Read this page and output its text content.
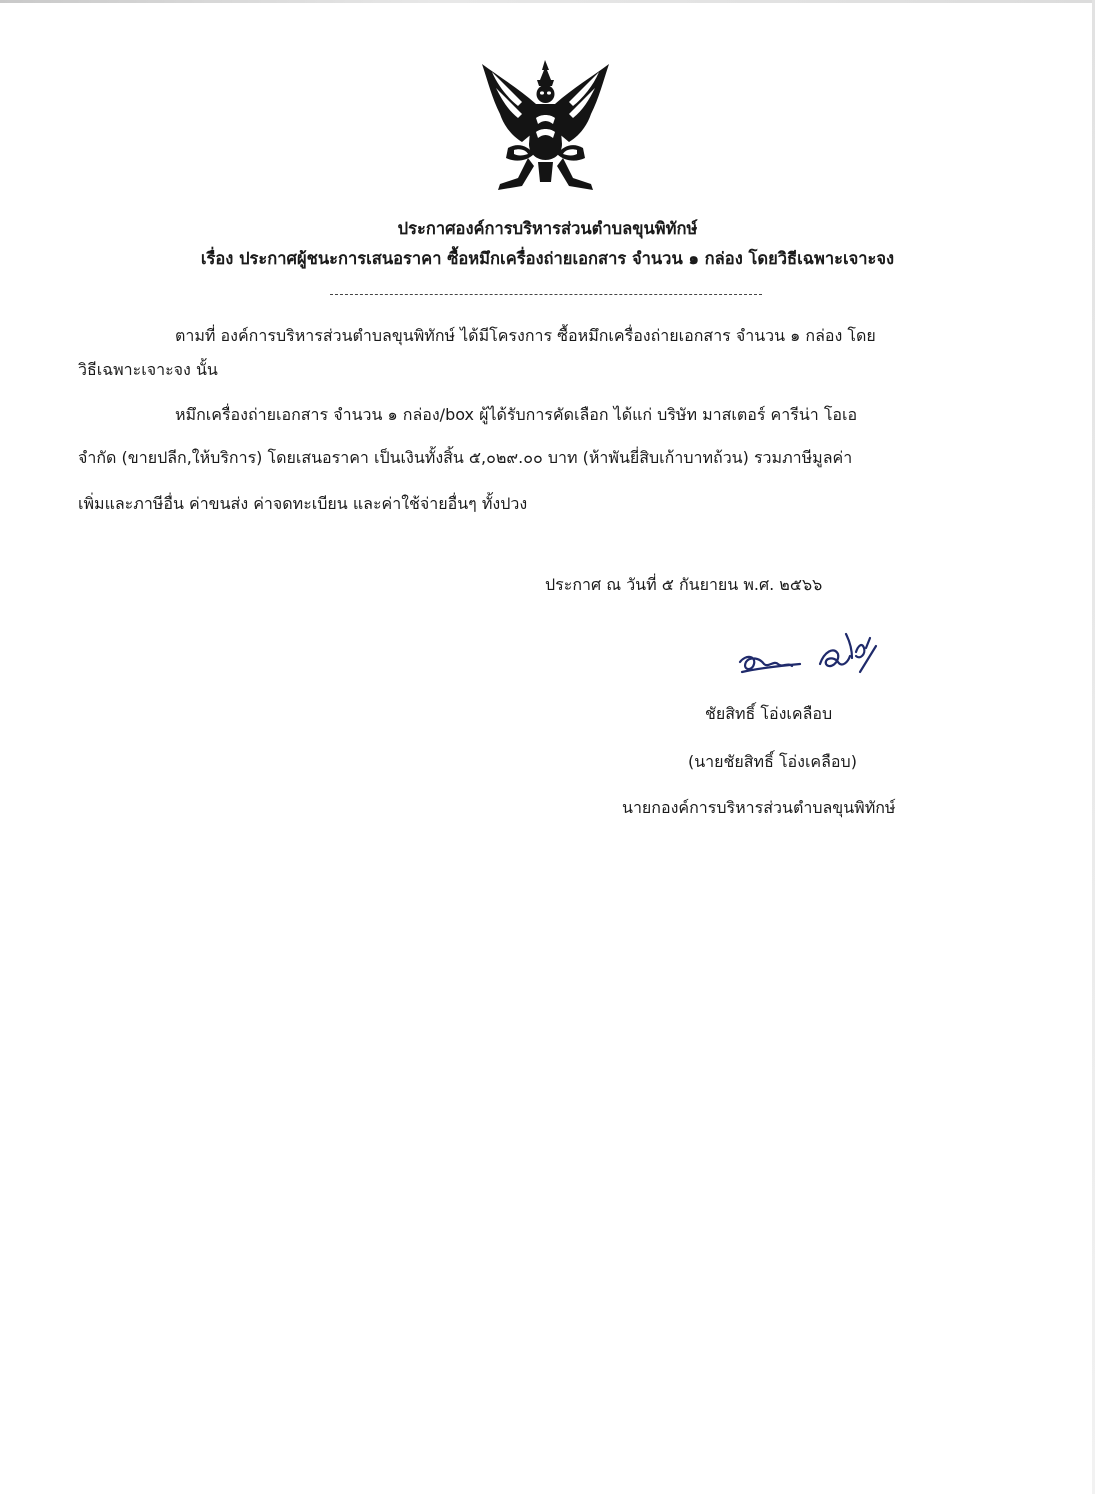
ประกาศองค์การบริหารส่วนตำบลขุนพิทักษ์
เรื่อง ประกาศผู้ชนะการเสนอราคา ซื้อหมึกเครื่องถ่ายเอกสาร จำนวน ๑ กล่อง โดยวิธีเฉพาะเจาะจง
ตามที่ องค์การบริหารส่วนตำบลขุนพิทักษ์ ได้มีโครงการ ซื้อหมึกเครื่องถ่ายเอกสาร จำนวน ๑ กล่อง โดย
วิธีเฉพาะเจาะจง นั้น
หมึกเครื่องถ่ายเอกสาร จำนวน ๑ กล่อง/box ผู้ได้รับการคัดเลือก ได้แก่ บริษัท มาสเตอร์ คารีน่า โอเอ
จำกัด (ขายปลีก,ให้บริการ) โดยเสนอราคา เป็นเงินทั้งสิ้น ๕,๐๒๙.๐๐ บาท (ห้าพันยี่สิบเก้าบาทถ้วน) รวมภาษีมูลค่า
เพิ่มและภาษีอื่น ค่าขนส่ง ค่าจดทะเบียน และค่าใช้จ่ายอื่นๆ ทั้งปวง
ประกาศ ณ วันที่ ๕ กันยายน พ.ศ. ๒๕๖๖
ชัยสิทธิ์ โอ่งเคลือบ
(นายชัยสิทธิ์ โอ่งเคลือบ)
นายกองค์การบริหารส่วนตำบลขุนพิทักษ์
